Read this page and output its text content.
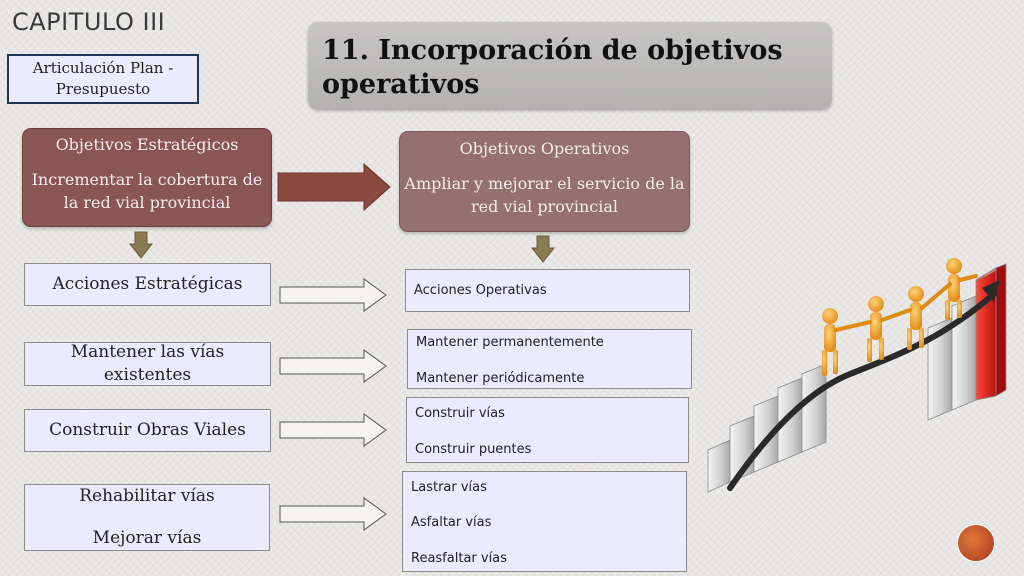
CAPITULO III
Articulación Plan - Presupuesto
11. Incorporación de objetivos operativos
Objetivos Estratégicos
Incrementar la cobertura de la red vial provincial
Objetivos Operativos
Ampliar y mejorar el servicio de la red vial provincial
Acciones Estratégicas	Acciones Operativas
Mantener las vías existentes
Mantener permanentemente
Mantener periódicamente
Construir Obras Viales
Construir vías
Construir puentes
Rehabilitar vías
Mejorar vías
Lastrar vías
Asfaltar vías
Reasfaltar vías
